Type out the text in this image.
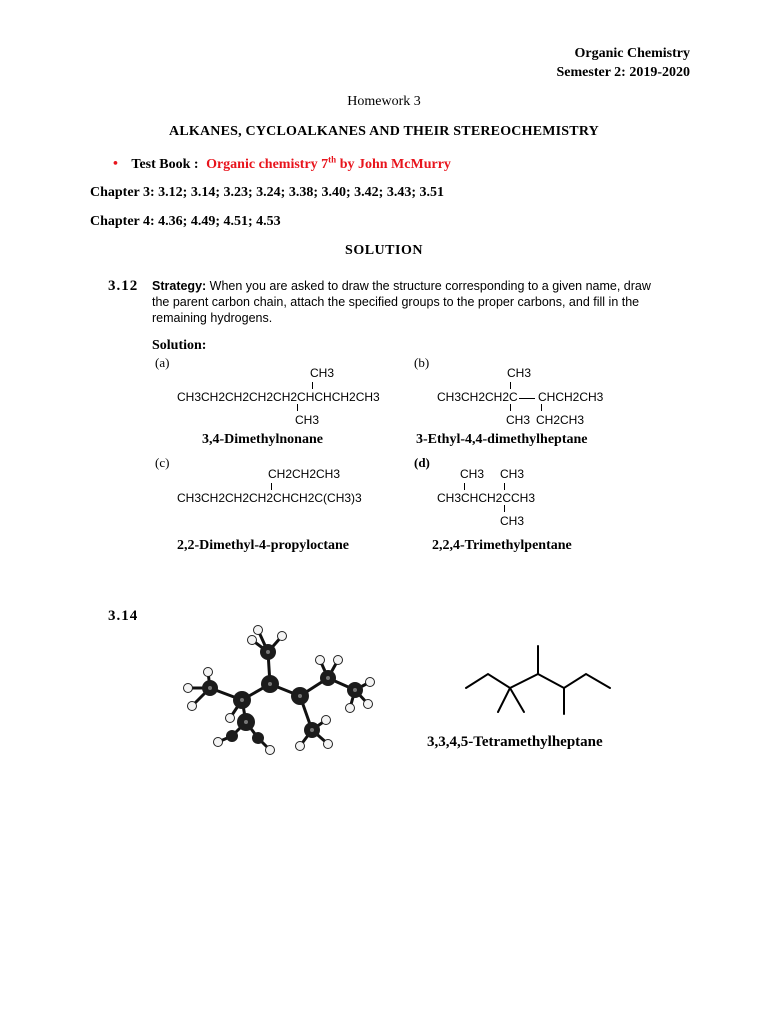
Organic Chemistry
Semester 2: 2019-2020
Homework 3
ALKANES, CYCLOALKANES AND THEIR STEREOCHEMISTRY
• Test Book : Organic chemistry 7th by John McMurry
Chapter 3: 3.12; 3.14; 3.23; 3.24; 3.38; 3.40; 3.42; 3.43; 3.51
Chapter 4: 4.36; 4.49; 4.51; 4.53
SOLUTION
3.12 Strategy: When you are asked to draw the structure corresponding to a given name, draw
the parent carbon chain, attach the specified groups to the proper carbons, and fill in the
remaining hydrogens.
Solution:
(a)
CH3
CH3CH2CH2CH2CH2CHCHCH2CH3
CH3
3,4-Dimethylnonane
(b)
CH3
CH3CH2CH2C CHCH2CH3
CH3 CH2CH3
3-Ethyl-4,4-dimethylheptane
(c)
CH2CH2CH3
CH3CH2CH2CH2CHCH2C(CH3)3
2,2-Dimethyl-4-propyloctane
(d)
CH3 CH3
CH3CHCH2CCH3
CH3
2,2,4-Trimethylpentane
3.14
3,3,4,5-Tetramethylheptane
